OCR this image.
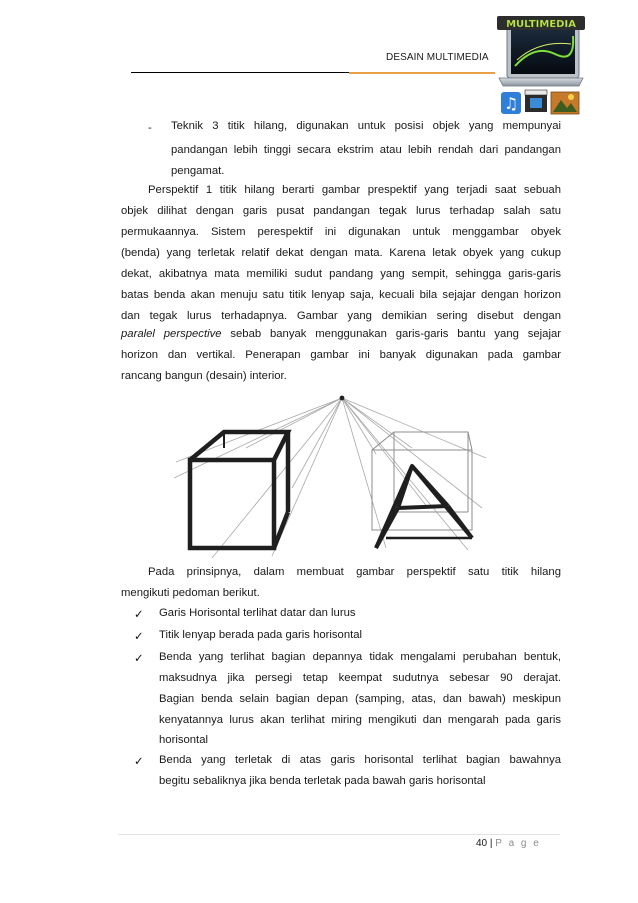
DESAIN MULTIMEDIA
MULTIMEDIA
♫
- Teknik 3 titik hilang, digunakan untuk posisi objek yang mempunyai
pandangan lebih tinggi secara ekstrim atau lebih rendah dari pandangan
pengamat.
Perspektif 1 titik hilang berarti gambar prespektif yang terjadi saat sebuah
objek dilihat dengan garis pusat pandangan tegak lurus terhadap salah satu
permukaannya. Sistem perespektif ini digunakan untuk menggambar obyek
(benda) yang terletak relatif dekat dengan mata. Karena letak obyek yang cukup
dekat, akibatnya mata memiliki sudut pandang yang sempit, sehingga garis-garis
batas benda akan menuju satu titik lenyap saja, kecuali bila sejajar dengan horizon
dan tegak lurus terhadapnya. Gambar yang demikian sering disebut dengan
paralel perspective sebab banyak menggunakan garis-garis bantu yang sejajar
horizon dan vertikal. Penerapan gambar ini banyak digunakan pada gambar
rancang bangun (desain) interior.
Pada prinsipnya, dalam membuat gambar perspektif satu titik hilang
mengikuti pedoman berikut.
✓ Garis Horisontal terlihat datar dan lurus
✓ Titik lenyap berada pada garis horisontal
✓ Benda yang terlihat bagian depannya tidak mengalami perubahan bentuk,
maksudnya jika persegi tetap keempat sudutnya sebesar 90 derajat.
Bagian benda selain bagian depan (samping, atas, dan bawah) meskipun
kenyatannya lurus akan terlihat miring mengikuti dan mengarah pada garis
horisontal
✓ Benda yang terletak di atas garis horisontal terlihat bagian bawahnya
begitu sebaliknya jika benda terletak pada bawah garis horisontal
40 | P a g e
